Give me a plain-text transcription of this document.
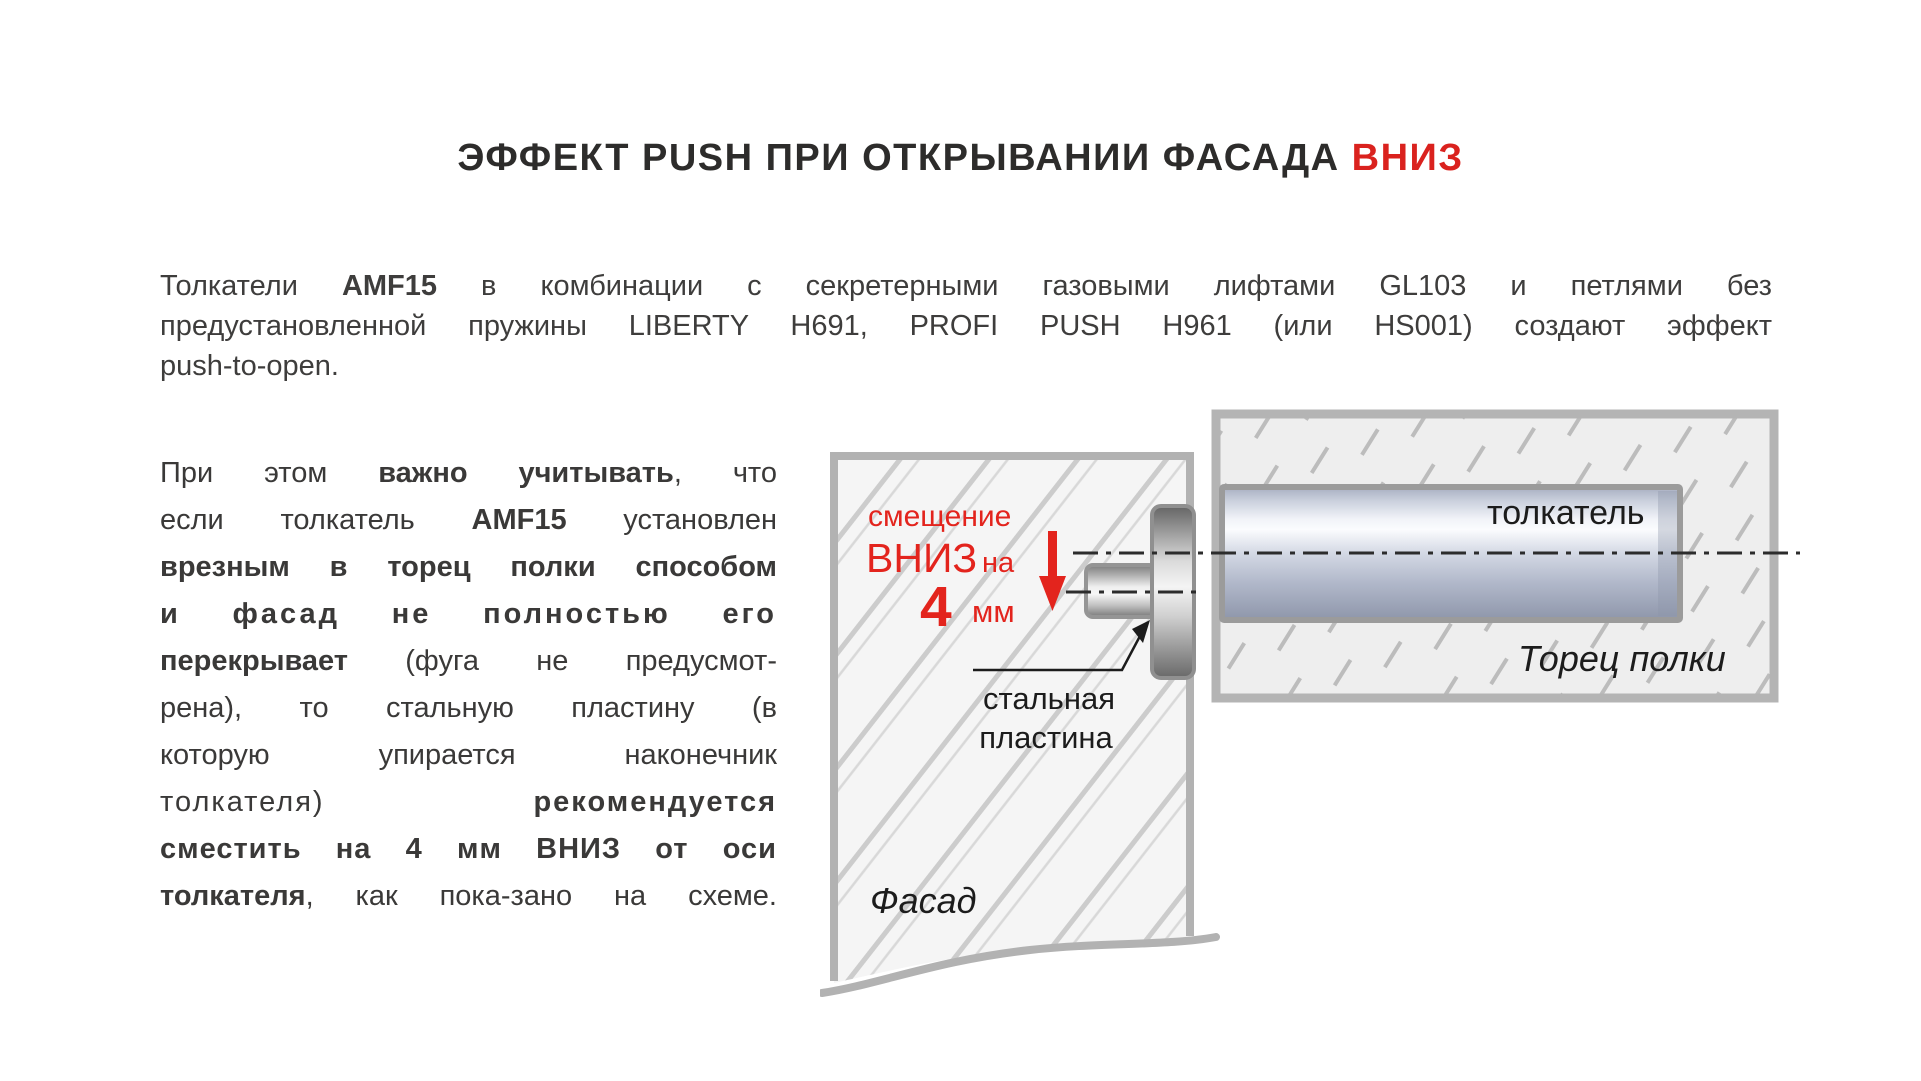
ЭФФЕКТ PUSH ПРИ ОТКРЫВАНИИ ФАСАДА ВНИЗ
Толкатели AMF15 в комбинации с секретерными газовыми лифтами GL103 и петлями без
предустановленной пружины LIBERTY H691, PROFI PUSH H961 (или HS001) создают эффект
push-to-open.
При этом важно учитывать, что
если толкатель AMF15 установлен
врезным в торец полки способом
и фасад не полностью его
перекрывает (фуга не предусмот-
рена), то стальную пластину (в
которую упирается наконечник
толкателя) рекомендуется
сместить на 4 мм ВНИЗ от оси
толкателя, как пока-зано на схеме.
смещение
ВНИЗ на
4 мм
стальная
пластина
толкатель
Торец полки
Фасад
